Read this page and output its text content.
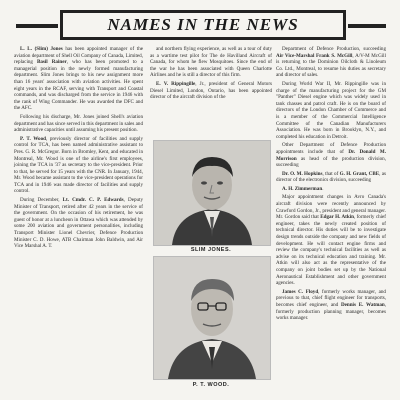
NAMES IN THE NEWS

L. L. (Slim) Jones has been appointed manager of the aviation department of Shell Oil Company of Canada, Limited, replacing Basil Rainer, who has been promoted to a managerial position in the newly formed manufacturing department. Slim Jones brings to his new assignment more than 16 years' association with aviation activities. He spent eight years in the RCAF, serving with Transport and Coastal commands, and was discharged from the service in 1946 with the rank of Wing Commander. He was awarded the DFC and the AFC.

Following his discharge, Mr. Jones joined Shell's aviation department and has since served in this department in sales and administrative capacities until assuming his present position.

P. T. Wood, previously director of facilities and supply control for TCA, has been named administrative assistant to Pres. G. R. McGregor. Born in Bromley, Kent, and educated in Montreal, Mr. Wood is one of the airline's first employees, joining the TCA in '37 as secretary to the vice-president. Prior to that, he served for 15 years with the CNR. In January, 1944, Mr. Wood became assistant to the vice-president operations for TCA and in 1946 was made director of facilities and supply control.

During December, Lt. Cmdr. C. P. Edwards, Deputy Minister of Transport, retired after 42 years in the service of the government. On the occasion of his retirement, he was guest of honor at a luncheon in Ottawa which was attended by some 200 aviation and government personalities, including Transport Minister Lionel Chevrier, Defence Production Minister C. D. Howe, ATB Chairman John Baldwin, and Air Vice Marshal A. T.

and northern flying experience, as well as a tour of duty as a wartime test pilot for The de Havilland Aircraft of Canada, for whom he flew Mosquitoes. Since the end of the war he has been associated with Queen Charlotte Airlines and he is still a director of this firm.

E. V. Rippingille, Jr., president of General Motors Diesel Limited, London, Ontario, has been appointed director of the aircraft division of the

Department of Defence Production, succeeding Air Vice-Marshal Frank S. McGill, A/V-M McGill is returning to the Dominion Oilcloth & Linoleum Co. Ltd., Montreal, to resume his duties as secretary and director of sales.

During World War II, Mr. Rippingille was in charge of the manufacturing project for the GM "Panther" Diesel engine which was widely used in tank chasses and patrol craft. He is on the board of directors of the London Chamber of Commerce and is a member of the Commercial Intelligence Committee of the Canadian Manufacturers Association. He was born in Brooklyn, N.Y., and completed his education in Detroit.

Other Department of Defence Production appointments include that of Dr. Donald M. Morrison as head of the production division, succeeding

Dr. O. M. Hopkins, that of G. H. Grant, CBE, as director of the electronics division, succeeding

A. H. Zimmerman.

Major appointment changes in Avro Canada's aircraft division were recently announced by Crawford Gordon, Jr., president and general manager. Mr. Gordon said that Edgar H. Atkin, formerly chief engineer, takes the newly created position of technical director. His duties will be to investigate design trends outside the company and new fields of development. He will contact engine firms and review the company's technical facilities as well as advise on its technical education and training. Mr. Atkin will also act as the representative of the company on joint bodies set up by the National Aeronautical Establishment and other government agencies.

James C. Floyd, formerly works manager, and previous to that, chief flight engineer for transports, becomes chief engineer, and Dennis E. Watman, formerly production planning manager, becomes works manager.

SLIM JONES.
P. T. WOOD.
